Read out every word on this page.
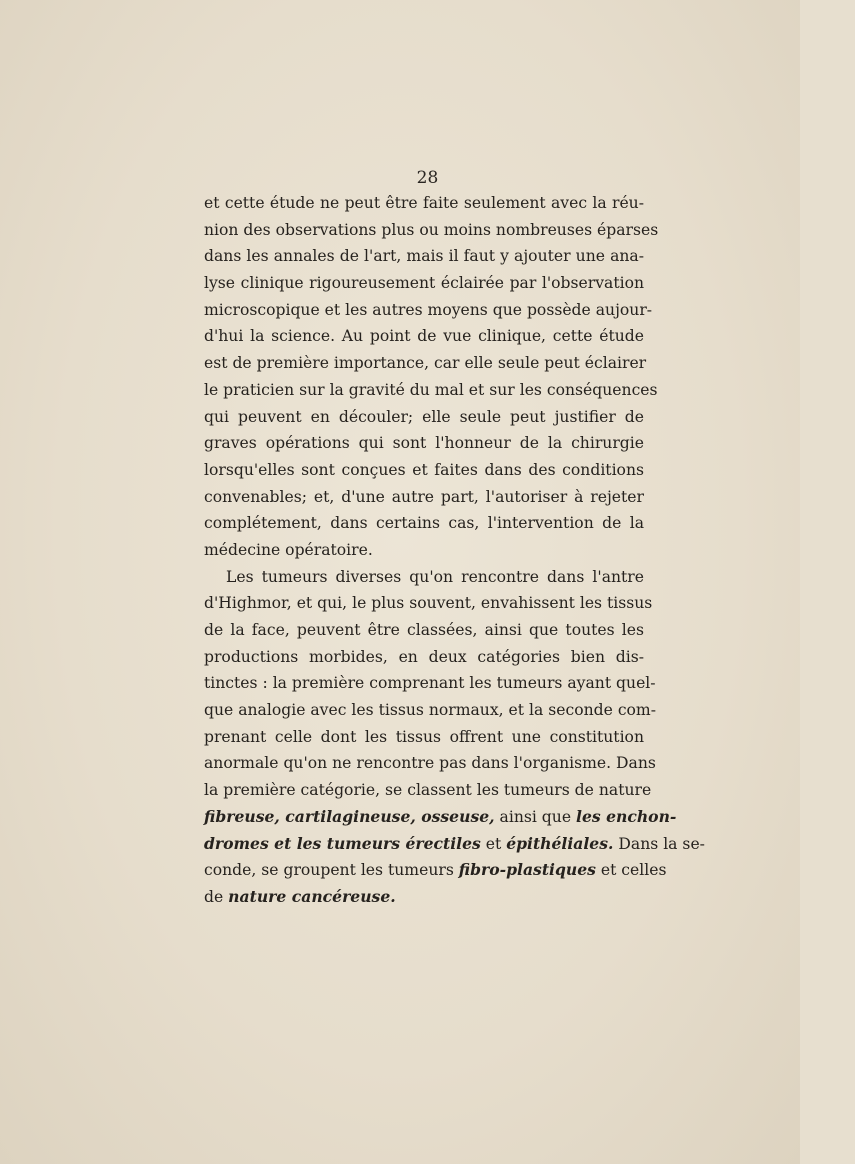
28
et cette étude ne peut être faite seulement avec la réu-
nion des observations plus ou moins nombreuses éparses
dans les annales de l'art, mais il faut y ajouter une ana-
lyse clinique rigoureusement éclairée par l'observation
microscopique et les autres moyens que possède aujour-
d'hui la science. Au point de vue clinique, cette étude
est de première importance, car elle seule peut éclairer
le praticien sur la gravité du mal et sur les conséquences
qui peuvent en découler; elle seule peut justifier de
graves opérations qui sont l'honneur de la chirurgie
lorsqu'elles sont conçues et faites dans des conditions
convenables; et, d'une autre part, l'autoriser à rejeter
complétement, dans certains cas, l'intervention de la
médecine opératoire.
Les tumeurs diverses qu'on rencontre dans l'antre
d'Highmor, et qui, le plus souvent, envahissent les tissus
de la face, peuvent être classées, ainsi que toutes les
productions morbides, en deux catégories bien dis-
tinctes : la première comprenant les tumeurs ayant quel-
que analogie avec les tissus normaux, et la seconde com-
prenant celle dont les tissus offrent une constitution
anormale qu'on ne rencontre pas dans l'organisme. Dans
la première catégorie, se classent les tumeurs de nature
fibreuse, cartilagineuse, osseuse, ainsi que les enchon-
dromes et les tumeurs érectiles et épithéliales. Dans la se-
conde, se groupent les tumeurs fibro-plastiques et celles
de nature cancéreuse.
